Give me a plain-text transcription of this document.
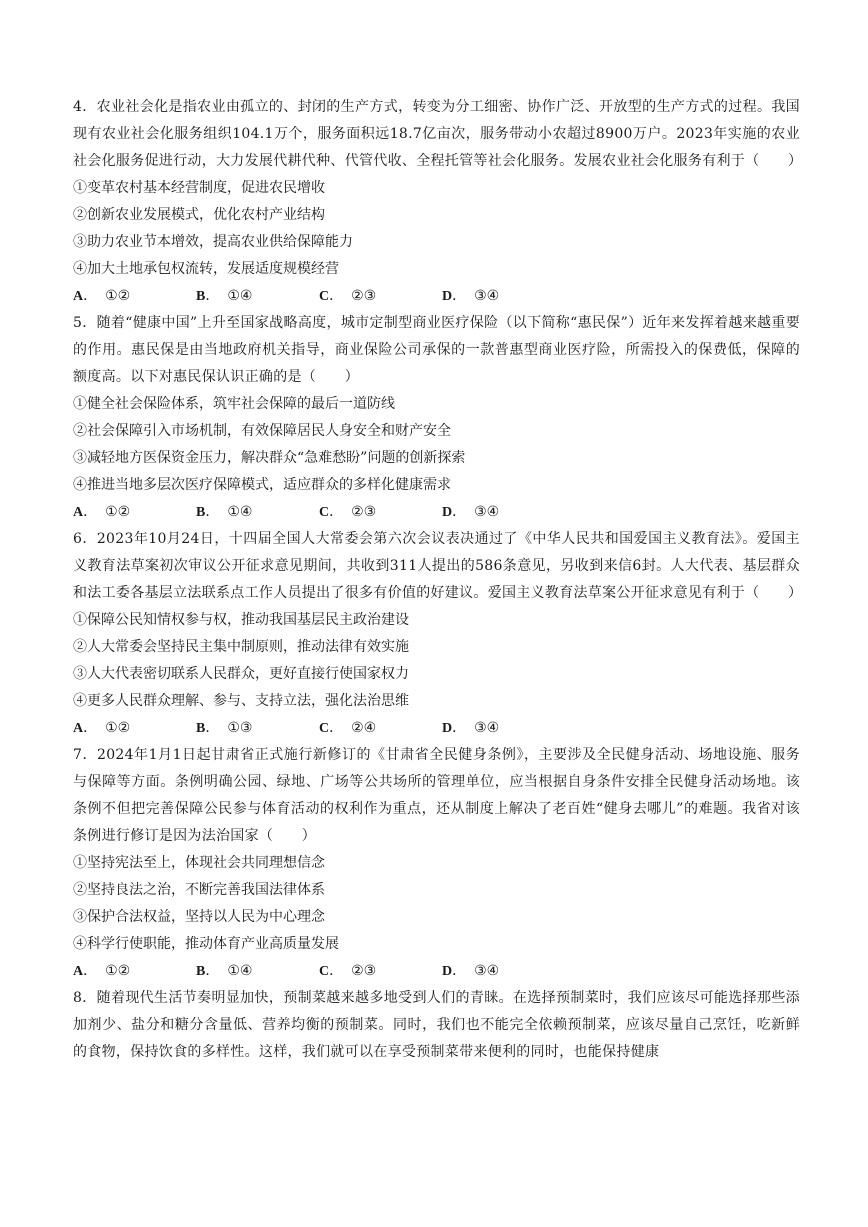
4．农业社会化是指农业由孤立的、封闭的生产方式，转变为分工细密、协作广泛、开放型的生产方式的过程。我国现有农业社会化服务组织104.1万个，服务面积远18.7亿亩次，服务带动小农超过8900万户。2023年实施的农业社会化服务促进行动，大力发展代耕代种、代管代收、全程托管等社会化服务。发展农业社会化服务有利于（　　）

①变革农村基本经营制度，促进农民增收

②创新农业发展模式，优化农村产业结构

③助力农业节本增效，提高农业供给保障能力

④加大土地承包权流转，发展适度规模经营

A． ①②	B． ①④	C． ②③	D． ③④

5．随着“健康中国”上升至国家战略高度，城市定制型商业医疗保险（以下简称“惠民保”）近年来发挥着越来越重要的作用。惠民保是由当地政府机关指导，商业保险公司承保的一款普惠型商业医疗险，所需投入的保费低，保障的额度高。以下对惠民保认识正确的是（　　）

①健全社会保险体系，筑牢社会保障的最后一道防线

②社会保障引入市场机制，有效保障居民人身安全和财产安全

③减轻地方医保资金压力，解决群众“急难愁盼”问题的创新探索

④推进当地多层次医疗保障模式，适应群众的多样化健康需求

A． ①②	B． ①④	C． ②③	D． ③④

6．2023年10月24日，十四届全国人大常委会第六次会议表决通过了《中华人民共和国爱国主义教育法》。爱国主义教育法草案初次审议公开征求意见期间，共收到311人提出的586条意见，另收到来信6封。人大代表、基层群众和法工委各基层立法联系点工作人员提出了很多有价值的好建议。爱国主义教育法草案公开征求意见有利于（　　）

①保障公民知情权参与权，推动我国基层民主政治建设

②人大常委会坚持民主集中制原则，推动法律有效实施

③人大代表密切联系人民群众，更好直接行使国家权力

④更多人民群众理解、参与、支持立法，强化法治思维

A． ①②	B． ①③	C． ②④	D． ③④

7．2024年1月1日起甘肃省正式施行新修订的《甘肃省全民健身条例》，主要涉及全民健身活动、场地设施、服务与保障等方面。条例明确公园、绿地、广场等公共场所的管理单位，应当根据自身条件安排全民健身活动场地。该条例不但把完善保障公民参与体育活动的权利作为重点，还从制度上解决了老百姓“健身去哪儿”的难题。我省对该条例进行修订是因为法治国家（　　）

①坚持宪法至上，体现社会共同理想信念

②坚持良法之治，不断完善我国法律体系

③保护合法权益，坚持以人民为中心理念

④科学行使职能，推动体育产业高质量发展

A． ①②	B． ①④	C． ②③	D． ③④

8．随着现代生活节奏明显加快，预制菜越来越多地受到人们的青睐。在选择预制菜时，我们应该尽可能选择那些添加剂少、盐分和糖分含量低、营养均衡的预制菜。同时，我们也不能完全依赖预制菜，应该尽量自己烹饪，吃新鲜的食物，保持饮食的多样性。这样，我们就可以在享受预制菜带来便利的同时，也能保持健康
